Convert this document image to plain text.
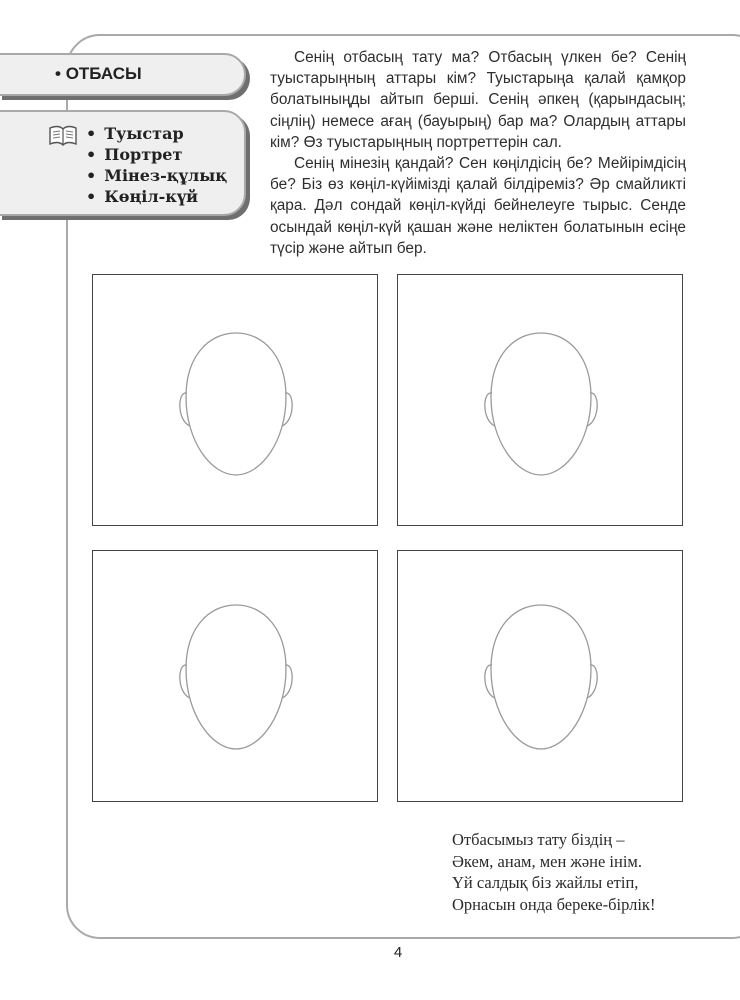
• ОТБАСЫ
• Туыстар
• Портрет
• Мінез-құлық
• Көңіл-күй

Сенің отбасың тату ма? Отбасың үлкен бе? Сенің туыстарыңның аттары кім? Туыстарыңа қалай қамқор болатыныңды айтып берші. Сенің әпкең (қарындасың; сіңлің) немесе ағаң (бауырың) бар ма? Олардың аттары кім? Өз туыстарыңның портреттерін сал.

Сенің мінезің қандай? Сен көңілдісің бе? Мейірімдісің бе? Біз өз көңіл-күйімізді қалай білдіреміз? Әр смайликті қара. Дәл сондай көңіл-күйді бейнелеуге тырыс. Сенде осындай көңіл-күй қашан және неліктен болатынын есіңе түсір және айтып бер.

Отбасымыз тату біздің –
Әкем, анам, мен және інім.
Үй салдық біз жайлы етіп,
Орнасын онда береке-бірлік!
4
